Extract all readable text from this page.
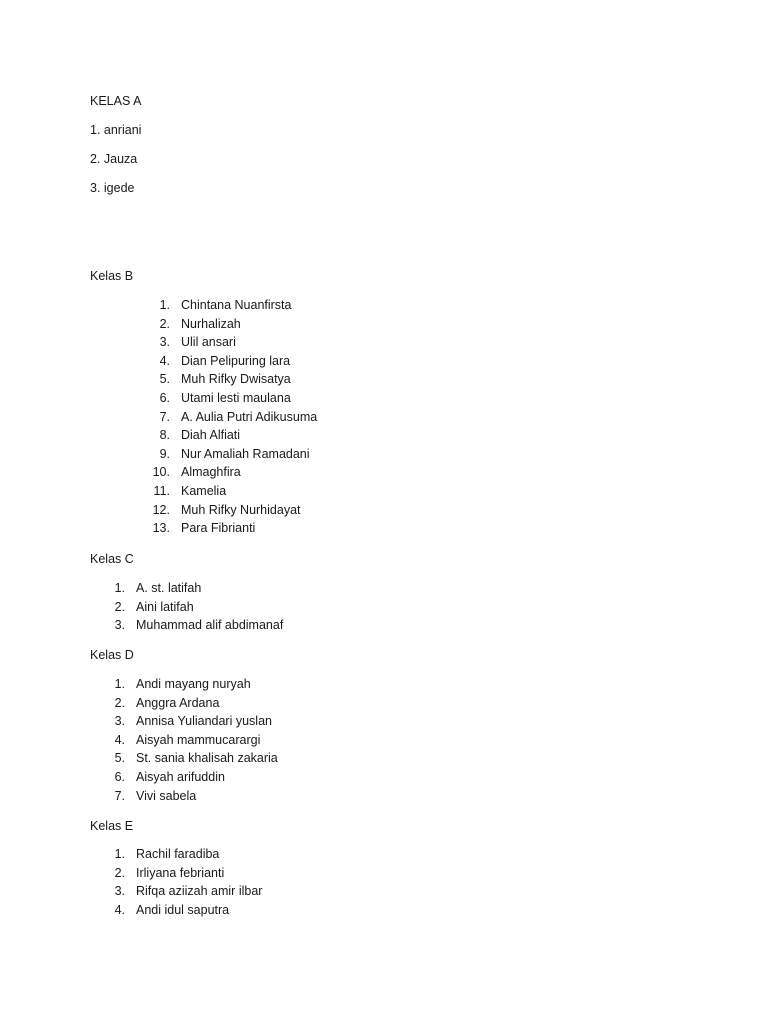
KELAS A
1. anriani
2. Jauza
3. igede
Kelas B
1. Chintana Nuanfirsta
2. Nurhalizah
3. Ulil ansari
4. Dian Pelipuring lara
5. Muh Rifky Dwisatya
6. Utami lesti maulana
7. A. Aulia Putri Adikusuma
8. Diah Alfiati
9. Nur Amaliah Ramadani
10. Almaghfira
11. Kamelia
12. Muh Rifky Nurhidayat
13. Para Fibrianti
Kelas C
1. A. st. latifah
2. Aini latifah
3. Muhammad alif abdimanaf
Kelas D
1. Andi mayang nuryah
2. Anggra Ardana
3. Annisa Yuliandari yuslan
4. Aisyah mammucarargi
5. St. sania khalisah zakaria
6. Aisyah arifuddin
7. Vivi sabela
Kelas E
1. Rachil faradiba
2. Irliyana febrianti
3. Rifqa aziizah amir ilbar
4. Andi idul saputra
